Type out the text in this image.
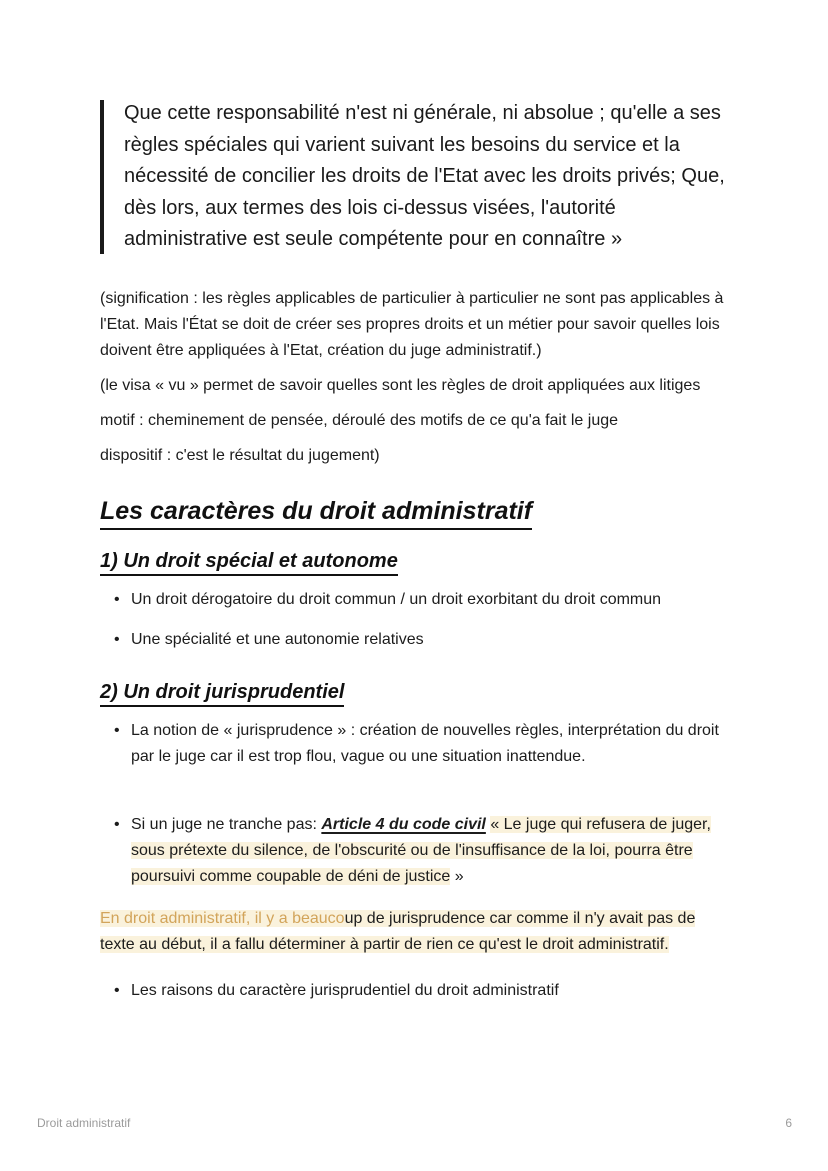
Que cette responsabilité n'est ni générale, ni absolue ; qu'elle a ses règles spéciales qui varient suivant les besoins du service et la nécessité de concilier les droits de l'Etat avec les droits privés; Que, dès lors, aux termes des lois ci-dessus visées, l'autorité administrative est seule compétente pour en connaître »

(signification : les règles applicables de particulier à particulier ne sont pas applicables à l'Etat. Mais l'État se doit de créer ses propres droits et un métier pour savoir quelles lois doivent être appliquées à l'Etat, création du juge administratif.)

(le visa « vu » permet de savoir quelles sont les règles de droit appliquées aux litiges

motif : cheminement de pensée, déroulé des motifs de ce qu'a fait le juge

dispositif : c'est le résultat du jugement)

Les caractères du droit administratif
1) Un droit spécial et autonome
• Un droit dérogatoire du droit commun / un droit exorbitant du droit commun
• Une spécialité et une autonomie relatives
2) Un droit jurisprudentiel
• La notion de « jurisprudence » : création de nouvelles règles, interprétation du droit par le juge car il est trop flou, vague ou une situation inattendue.
• Si un juge ne tranche pas: Article 4 du code civil « Le juge qui refusera de juger, sous prétexte du silence, de l'obscurité ou de l'insuffisance de la loi, pourra être poursuivi comme coupable de déni de justice »

En droit administratif, il y a beaucoup de jurisprudence car comme il n'y avait pas de texte au début, il a fallu déterminer à partir de rien ce qu'est le droit administratif.

• Les raisons du caractère jurisprudentiel du droit administratif
Droit administratif	6
